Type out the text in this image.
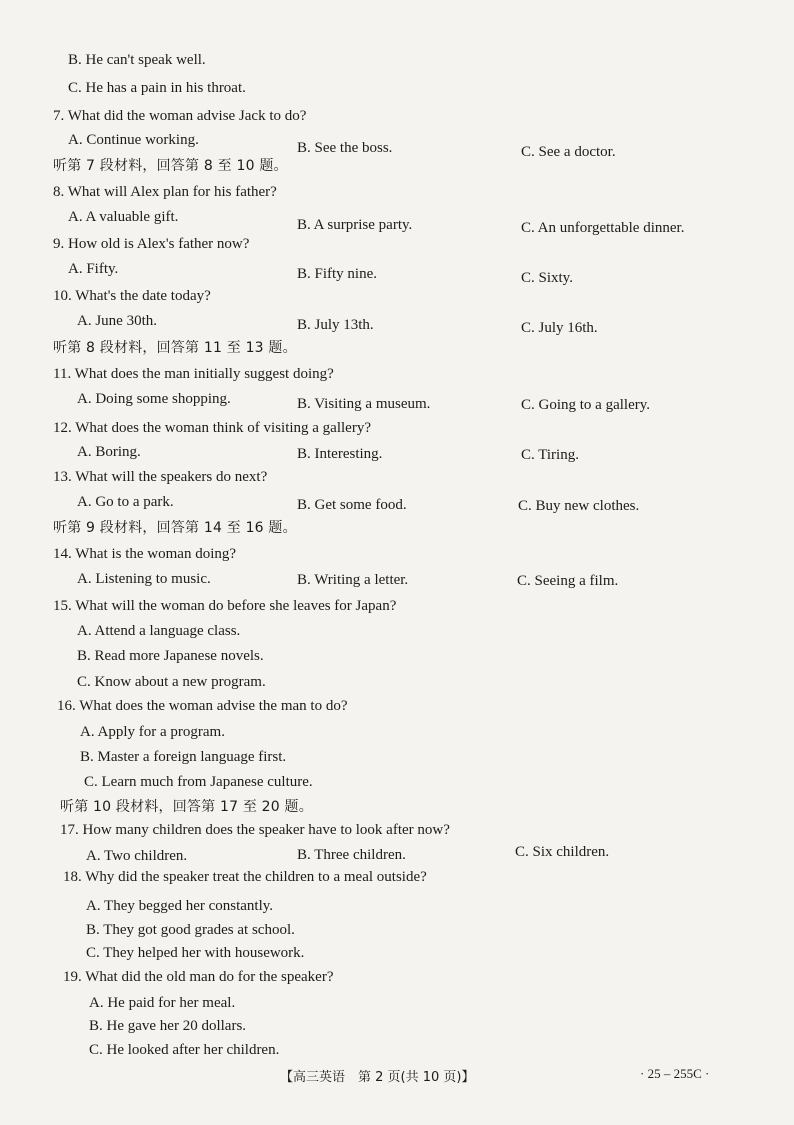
B. He can't speak well.
C. He has a pain in his throat.
7. What did the woman advise Jack to do?
A. Continue working.	B. See the boss.	C. See a doctor.
听第 7 段材料，回答第 8 至 10 题。
8. What will Alex plan for his father?
A. A valuable gift.	B. A surprise party.	C. An unforgettable dinner.
9. How old is Alex's father now?
A. Fifty.	B. Fifty nine.	C. Sixty.
10. What's the date today?
A. June 30th.	B. July 13th.	C. July 16th.
听第 8 段材料，回答第 11 至 13 题。
11. What does the man initially suggest doing?
A. Doing some shopping.	B. Visiting a museum.	C. Going to a gallery.
12. What does the woman think of visiting a gallery?
A. Boring.	B. Interesting.	C. Tiring.
13. What will the speakers do next?
A. Go to a park.	B. Get some food.	C. Buy new clothes.
听第 9 段材料，回答第 14 至 16 题。
14. What is the woman doing?
A. Listening to music.	B. Writing a letter.	C. Seeing a film.
15. What will the woman do before she leaves for Japan?
A. Attend a language class.
B. Read more Japanese novels.
C. Know about a new program.
16. What does the woman advise the man to do?
A. Apply for a program.
B. Master a foreign language first.
C. Learn much from Japanese culture.
听第 10 段材料，回答第 17 至 20 题。
17. How many children does the speaker have to look after now?
A. Two children.	B. Three children.	C. Six children.
18. Why did the speaker treat the children to a meal outside?
A. They begged her constantly.
B. They got good grades at school.
C. They helped her with housework.
19. What did the old man do for the speaker?
A. He paid for her meal.
B. He gave her 20 dollars.
C. He looked after her children.
【高三英语　第 2 页(共 10 页)】	· 25 – 255C ·
